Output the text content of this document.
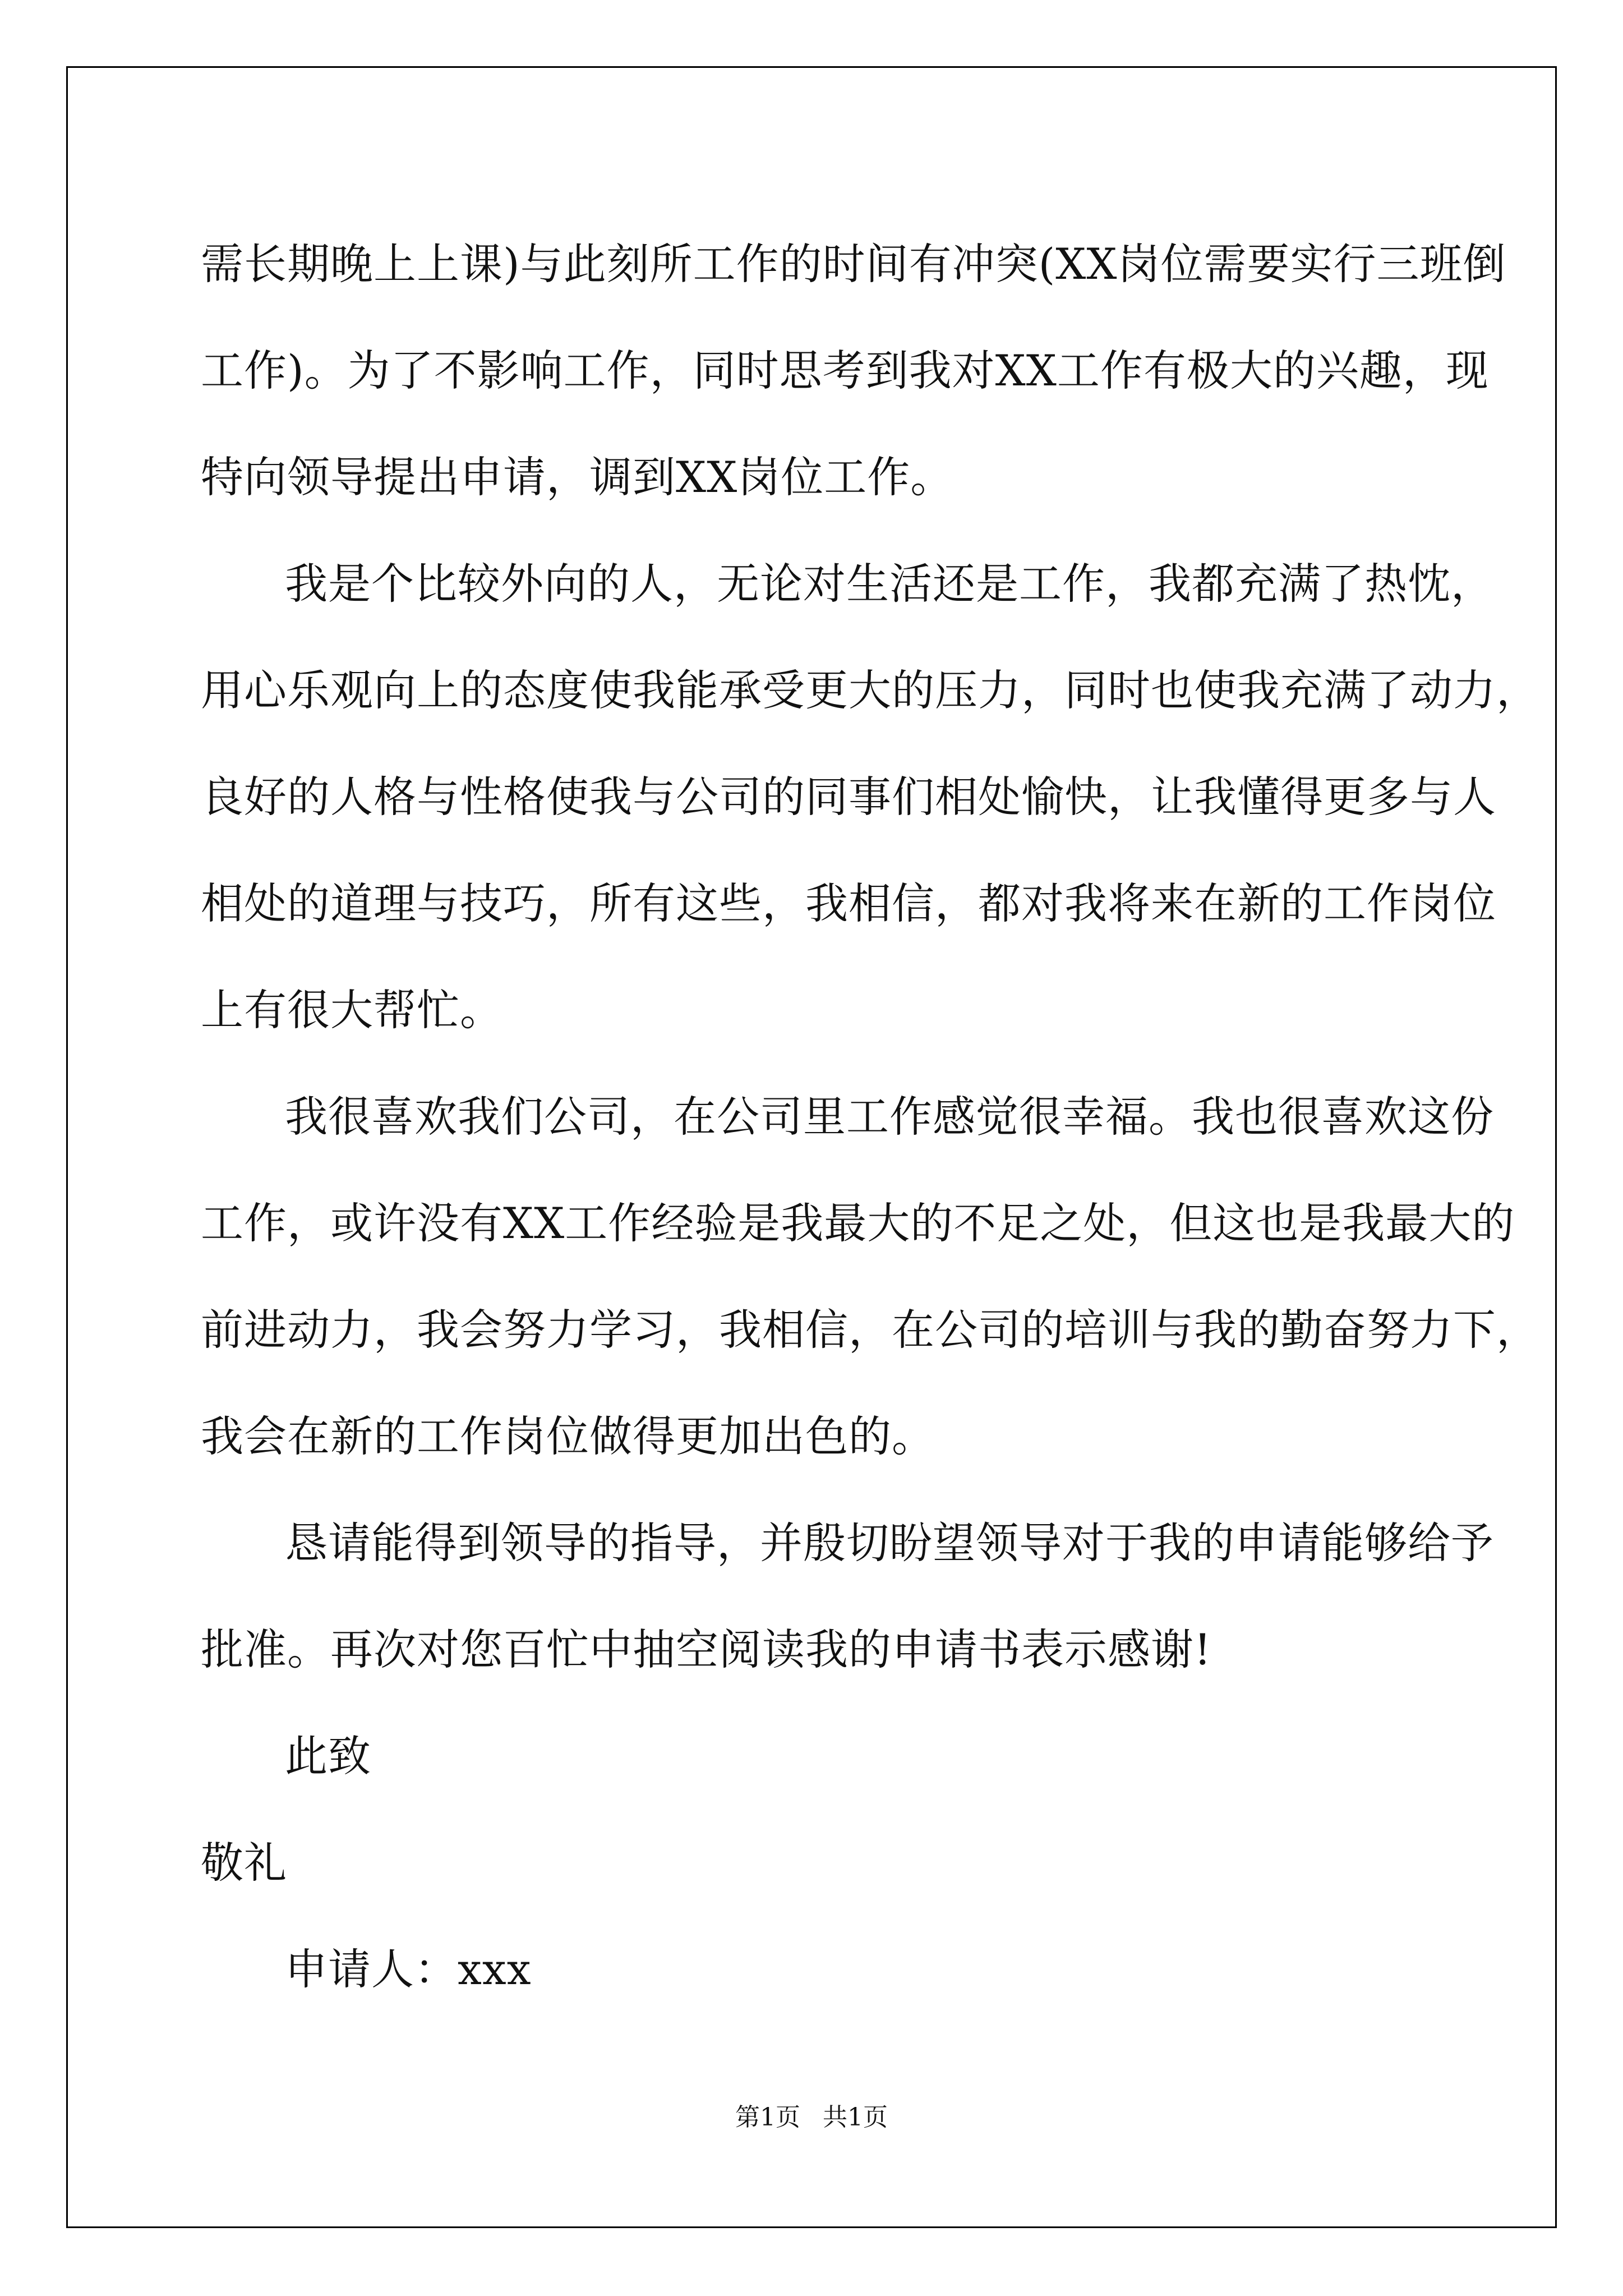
需长期晚上上课)与此刻所工作的时间有冲突(XX岗位需要实行三班倒
工作)。为了不影响工作，同时思考到我对XX工作有极大的兴趣，现
特向领导提出申请，调到XX岗位工作。
我是个比较外向的人，无论对生活还是工作，我都充满了热忱，
用心乐观向上的态度使我能承受更大的压力，同时也使我充满了动力，
良好的人格与性格使我与公司的同事们相处愉快，让我懂得更多与人
相处的道理与技巧，所有这些，我相信，都对我将来在新的工作岗位
上有很大帮忙。
我很喜欢我们公司，在公司里工作感觉很幸福。我也很喜欢这份
工作，或许没有XX工作经验是我最大的不足之处，但这也是我最大的
前进动力，我会努力学习，我相信，在公司的培训与我的勤奋努力下，
我会在新的工作岗位做得更加出色的。
恳请能得到领导的指导，并殷切盼望领导对于我的申请能够给予
批准。再次对您百忙中抽空阅读我的申请书表示感谢!
此致
敬礼
申请人：xxx
第1页 共1页
